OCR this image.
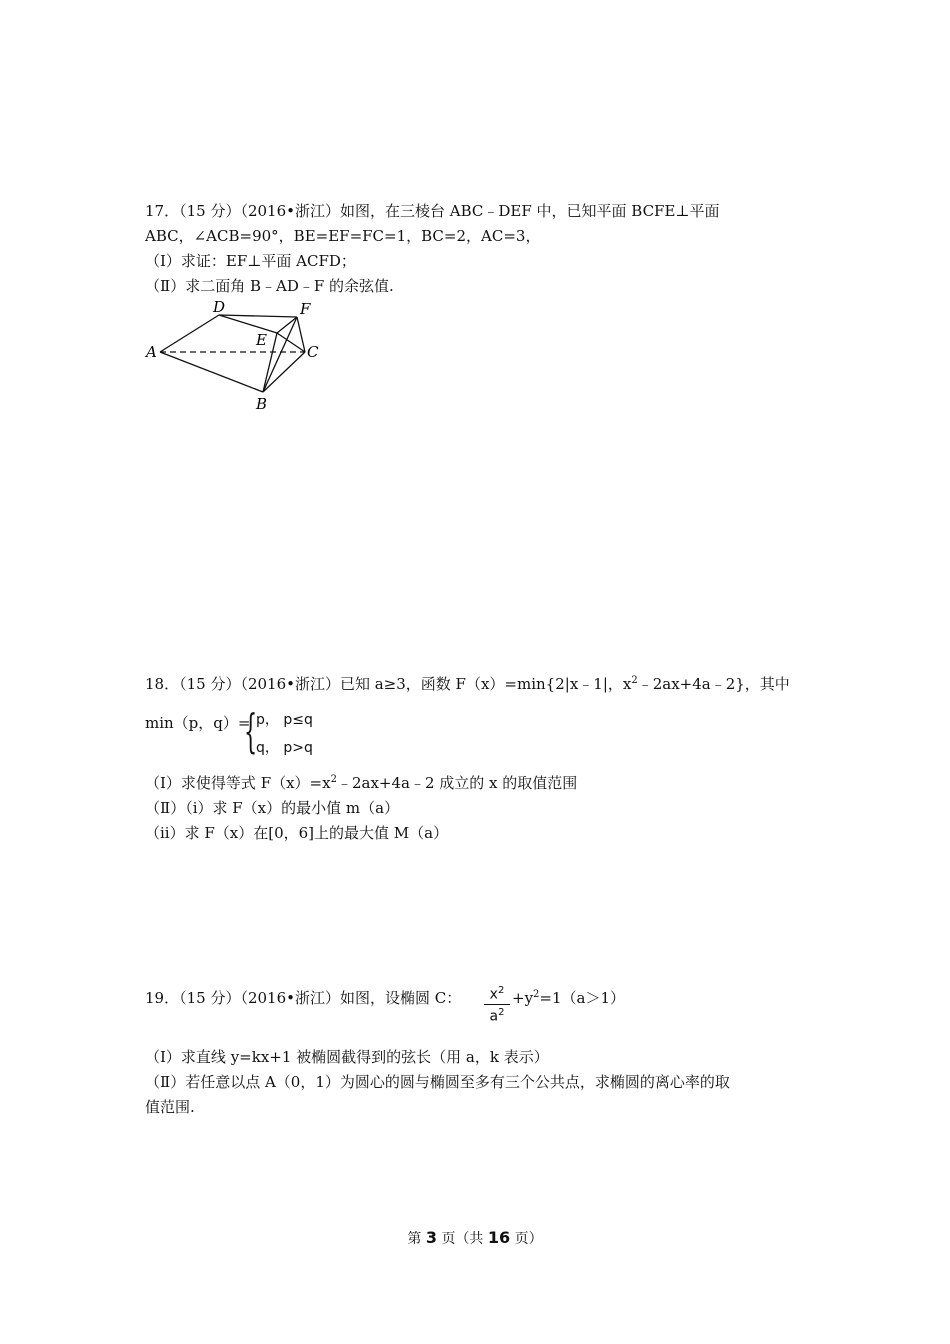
17．（15 分）（2016•浙江）如图，在三棱台 ABC﹣DEF 中，已知平面 BCFE⊥平面
ABC，∠ACB=90°，BE=EF=FC=1，BC=2，AC=3，
（Ⅰ）求证：EF⊥平面 ACFD；
（Ⅱ）求二面角 B﹣AD﹣F 的余弦值.
A
D	F
E
C
B
18．（15 分）（2016•浙江）已知 a≥3，函数 F（x）=min{2|x﹣1|，$x^2﹣2ax+4a﹣2$}，其中
min（p，q）=
{
p， p≤q
q， p>q
（Ⅰ）求使得等式 $F(x)=x^2﹣2ax+4a﹣2$ 成立的 x 的取值范围
（Ⅱ）（i）求 F（x）的最小值 m（a）
（ii）求 F（x）在[0，6]上的最大值 M（a）
19．（15 分）（2016•浙江）如图，设椭圆 C： $\frac{x^2}{a^2} +y^2=1(a>1)$
（Ⅰ）求直线 y=kx+1 被椭圆截得到的弦长（用 a，k 表示）
（Ⅱ）若任意以点 A（0，1）为圆心的圆与椭圆至多有三个公共点，求椭圆的离心率的取
值范围.
第 3 页（共 16 页）
